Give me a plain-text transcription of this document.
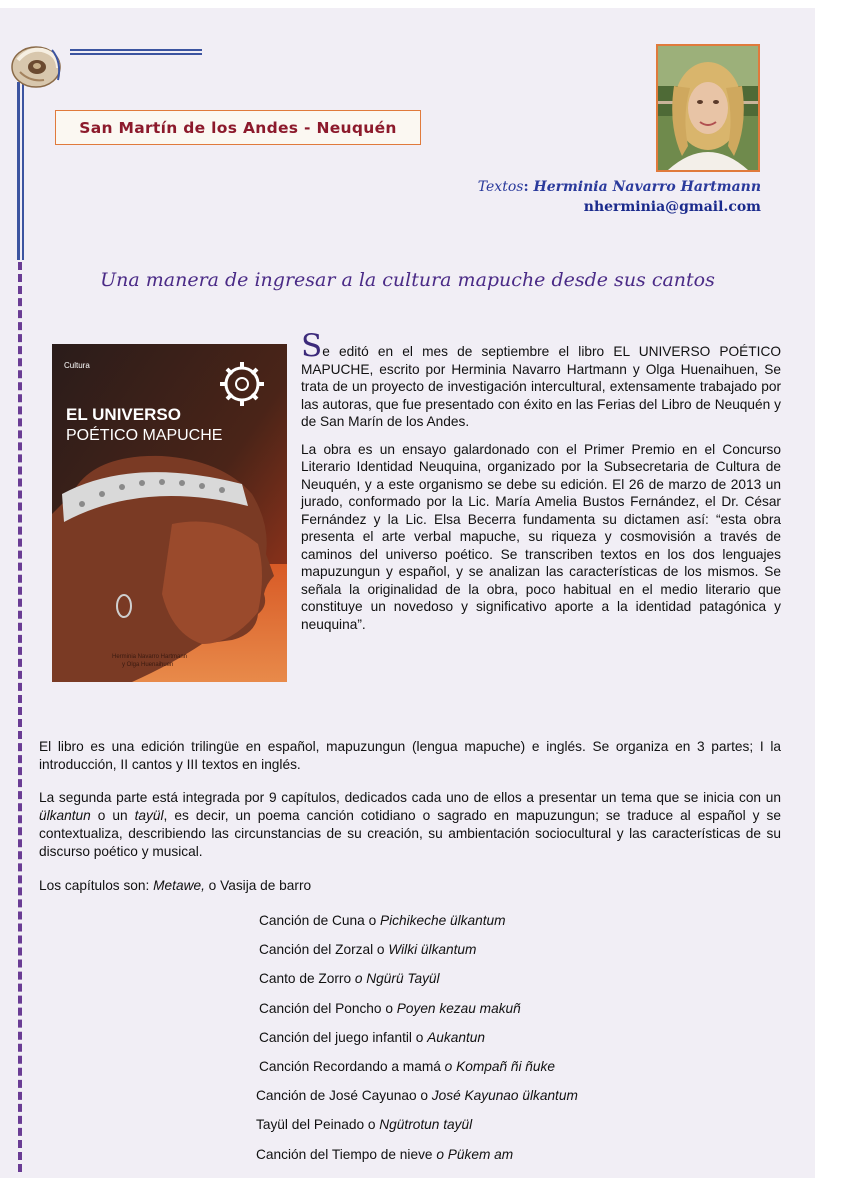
San Martín de los Andes - Neuquén
Textos: Herminia Navarro Hartmann
nherminia@gmail.com
Una manera de ingresar a la cultura mapuche desde sus cantos
Cultura
EL UNIVERSO
POÉTICO MAPUCHE
Herminia Navarro Hartmann
y Olga Huenaihuen

Se editó en el mes de septiembre el libro EL UNIVERSO POÉTICO MAPUCHE, escrito por Herminia Navarro Hartmann y Olga Huenaihuen, Se trata de un proyecto de investigación intercultural, extensamente trabajado por las autoras, que fue presentado con éxito en las Ferias del Libro de Neuquén y de San Marín de los Andes.

La obra es un ensayo galardonado con el Primer Premio en el Concurso Literario Identidad Neuquina, organizado por la Subsecretaria de Cultura de Neuquén, y a este organismo se debe su edición. El 26 de marzo de 2013 un jurado, conformado por la Lic. María Amelia Bustos Fernández, el Dr. César Fernández y la Lic. Elsa Becerra fundamenta su dictamen así: “esta obra presenta el arte verbal mapuche, su riqueza y cosmovisión a través de caminos del universo poético. Se transcriben textos en los dos lenguajes mapuzungun y español, y se analizan las características de los mismos. Se señala la originalidad de la obra, poco habitual en el medio literario que constituye un novedoso y significativo aporte a la identidad patagónica y neuquina”.

El libro es una edición trilingüe en español, mapuzungun (lengua mapuche) e inglés. Se organiza en 3 partes; I la introducción, II cantos y III textos en inglés.
La segunda parte está integrada por 9 capítulos, dedicados cada uno de ellos a presentar un tema que se inicia con un ülkantun o un tayül, es decir, un poema canción cotidiano o sagrado en mapuzungun; se traduce al español y se contextualiza, describiendo las circunstancias de su creación, su ambientación sociocultural y las características de su discurso poético y musical.
Los capítulos son: Metawe, o Vasija de barro
Canción de Cuna o Pichikeche ülkantum
Canción del Zorzal o Wilki ülkantum
Canto de Zorro o Ngürü Tayül
Canción del Poncho o Poyen kezau makuñ
Canción del juego infantil o Aukantun
Canción Recordando a mamá o Kompañ ñi ñuke
Canción de José Cayunao o José Kayunao ülkantum
Tayül del Peinado o Ngütrotun tayül
Canción del Tiempo de nieve o Pükem am
